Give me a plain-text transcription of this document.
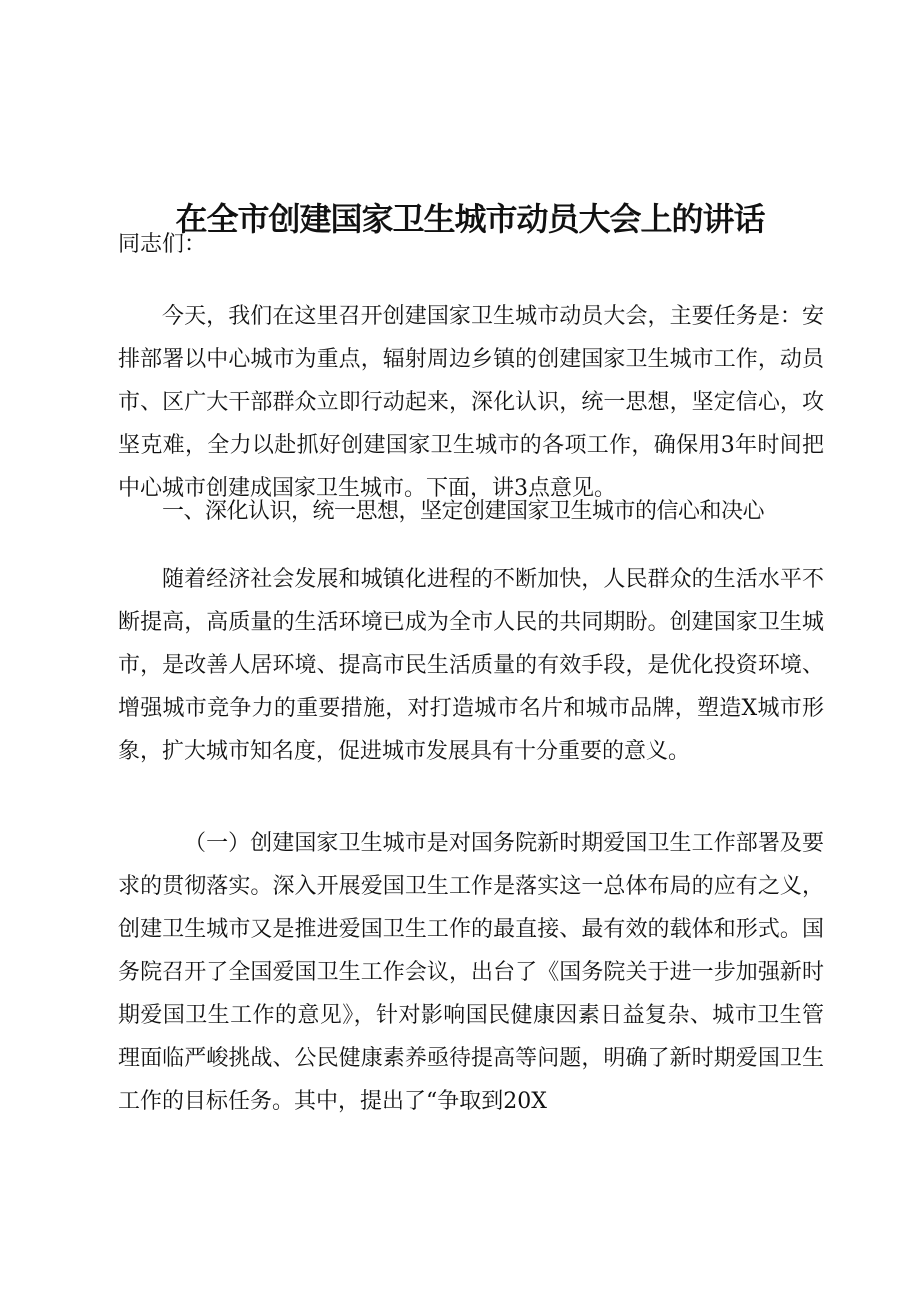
在全市创建国家卫生城市动员大会上的讲话
同志们：

今天，我们在这里召开创建国家卫生城市动员大会，主要任务是：安排部署以中心城市为重点，辐射周边乡镇的创建国家卫生城市工作，动员市、区广大干部群众立即行动起来，深化认识，统一思想，坚定信心，攻坚克难，全力以赴抓好创建国家卫生城市的各项工作，确保用3年时间把中心城市创建成国家卫生城市。下面，讲3点意见。

一、深化认识，统一思想，坚定创建国家卫生城市的信心和决心

随着经济社会发展和城镇化进程的不断加快，人民群众的生活水平不断提高，高质量的生活环境已成为全市人民的共同期盼。创建国家卫生城市，是改善人居环境、提高市民生活质量的有效手段，是优化投资环境、增强城市竞争力的重要措施，对打造城市名片和城市品牌，塑造X城市形象，扩大城市知名度，促进城市发展具有十分重要的意义。

（一）创建国家卫生城市是对国务院新时期爱国卫生工作部署及要求的贯彻落实。深入开展爱国卫生工作是落实这一总体布局的应有之义，创建卫生城市又是推进爱国卫生工作的最直接、最有效的载体和形式。国务院召开了全国爱国卫生工作会议，出台了《国务院关于进一步加强新时期爱国卫生工作的意见》，针对影响国民健康因素日益复杂、城市卫生管理面临严峻挑战、公民健康素养亟待提高等问题，明确了新时期爱国卫生工作的目标任务。其中，提出了“争取到20X
